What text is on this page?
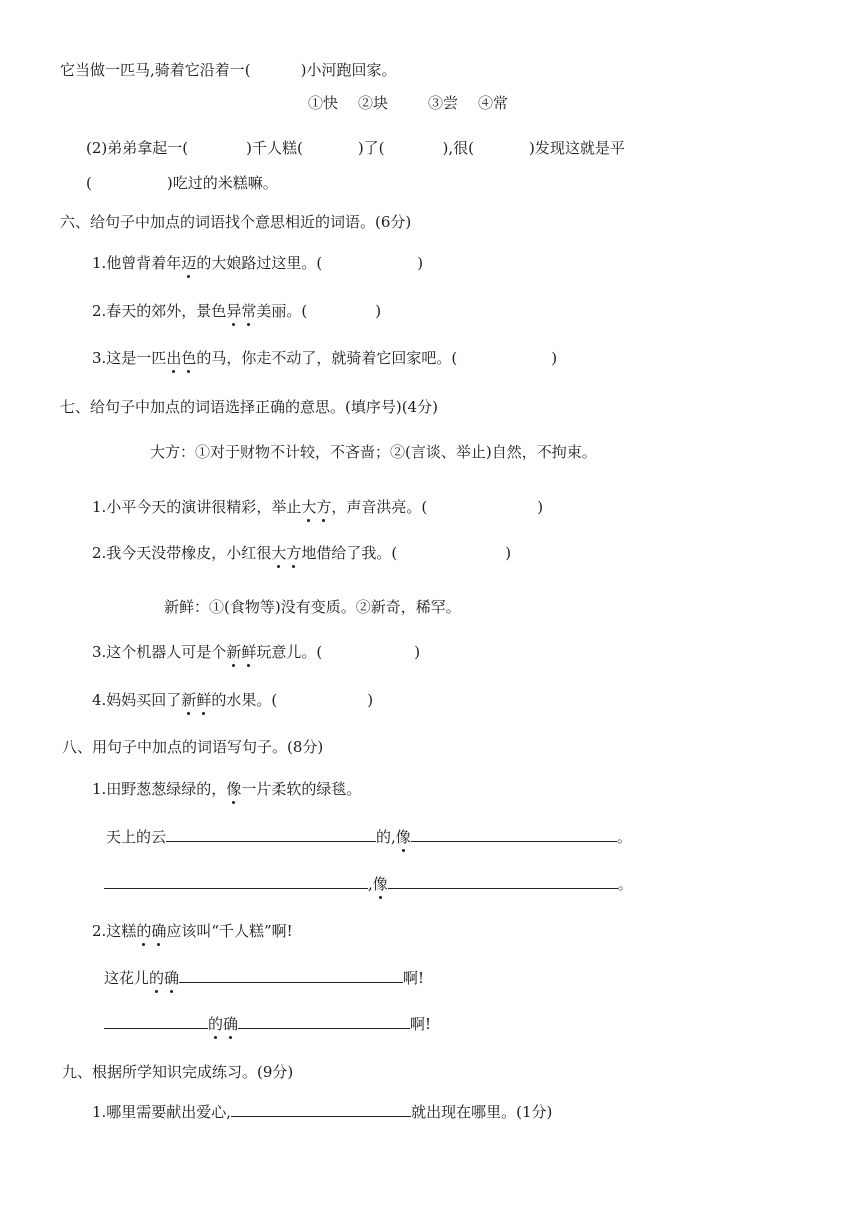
它当做一匹马,骑着它沿着一(	)小河跑回家。
①快 ②块	③尝 ④常
(2)弟弟拿起一(	)千人糕(	)了(	),很(	)发现这就是平
(	)吃过的米糕嘛。
六、给句子中加点的词语找个意思相近的词语。(6分)
1.他曾背着年迈的大娘路过这里。(	)
2.春天的郊外，景色异常美丽。(	)
3.这是一匹出色的马，你走不动了，就骑着它回家吧。(	)
七、给句子中加点的词语选择正确的意思。(填序号)(4分)
大方：①对于财物不计较，不吝啬；②(言谈、举止)自然，不拘束。
1.小平今天的演讲很精彩，举止大方，声音洪亮。(	)
2.我今天没带橡皮，小红很大方地借给了我。(	)
新鲜：①(食物等)没有变质。②新奇，稀罕。
3.这个机器人可是个新鲜玩意儿。(	)
4.妈妈买回了新鲜的水果。(	)
八、用句子中加点的词语写句子。(8分)
1.田野葱葱绿绿的，像一片柔软的绿毯。
天上的云	的,像	。
,像	。
2.这糕的确应该叫“千人糕”啊!
这花儿的确	啊!
的确	啊!
九、根据所学知识完成练习。(9分)
1.哪里需要献出爱心,	就出现在哪里。(1分)
